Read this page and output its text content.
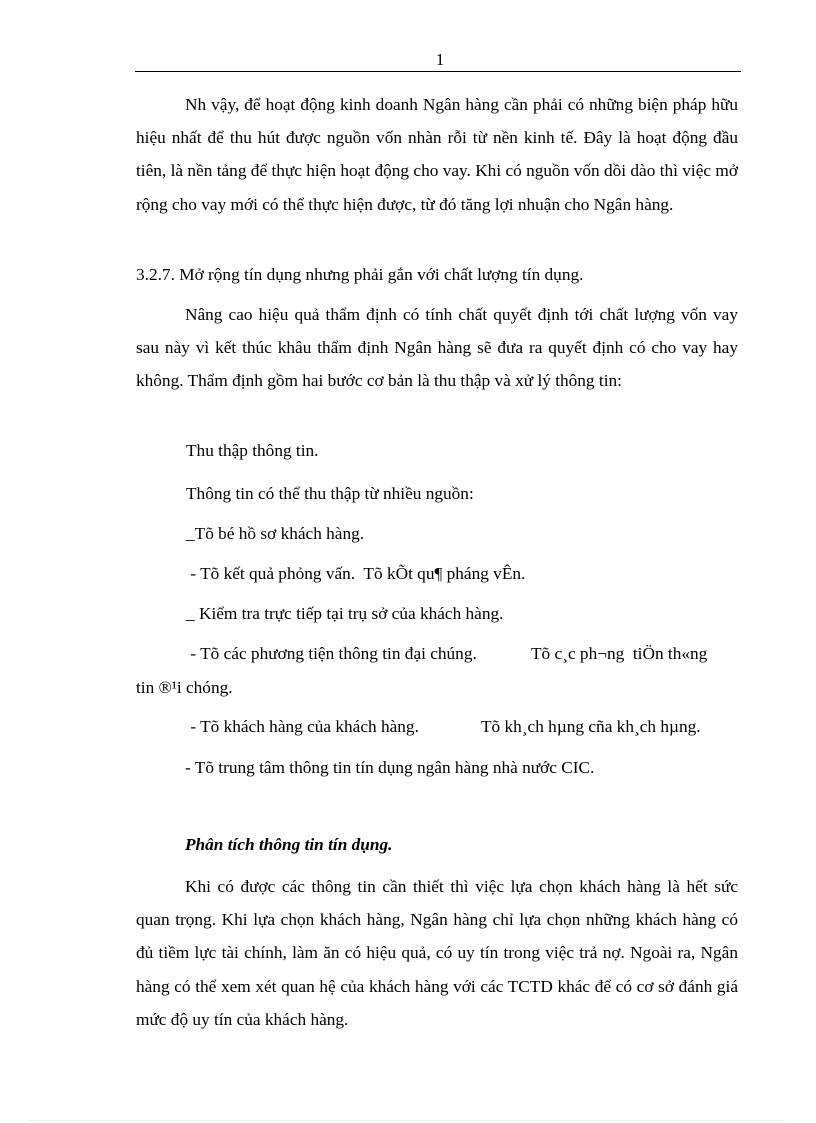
1

Nh vậy, để hoạt động kinh doanh Ngân hàng cần phải có những biện pháp hữu hiệu nhất để thu hút được nguồn vốn nhàn rỗi từ nền kinh tế. Đây là hoạt động đầu tiên, là nền tảng để thực hiện hoạt động cho vay. Khi có nguồn vốn dồi dào thì việc mở rộng cho vay mới có thể thực hiện được, từ đó tăng lợi nhuận cho Ngân hàng.

3.2.7. Mở rộng tín dụng nhưng phải gắn với chất lượng tín dụng.

Nâng cao hiệu quả thẩm định có tính chất quyết định tới chất lượng vốn vay sau này vì kết thúc khâu thẩm định Ngân hàng sẽ đưa ra quyết định có cho vay hay không. Thẩm định gồm hai bước cơ bản là thu thập và xử lý thông tin:

Thu thập thông tin.

Thông tin có thể thu thập từ nhiều nguồn:

_Tõ bé hồ sơ khách hàng.

- Tõ kết quả phỏng vấn.  Tõ kÕt qu¶ pháng vÊn.

_ Kiểm tra trực tiếp tại trụ sở của khách hàng.

- Tõ các phương tiện thông tin đại chúng.	Tõ c¸c ph¬ng  tiÖn th«ng

tin ®¹i chóng.

- Tõ khách hàng của khách hàng.	Tõ kh¸ch hµng cña kh¸ch hµng.

- Tõ trung tâm thông tin tín dụng ngân hàng nhà nước CIC.

Phân tích thông tin tín dụng.

Khi có được các thông tin cần thiết thì việc lựa chọn khách hàng là hết sức quan trọng. Khi lựa chọn khách hàng, Ngân hàng chỉ lựa chọn những khách hàng có đủ tiềm lực tài chính, làm ăn có hiệu quả, có uy tín trong việc trả nợ. Ngoài ra, Ngân hàng có thể xem xét quan hệ của khách hàng với các TCTD khác để có cơ sở đánh giá mức độ uy tín của khách hàng.
